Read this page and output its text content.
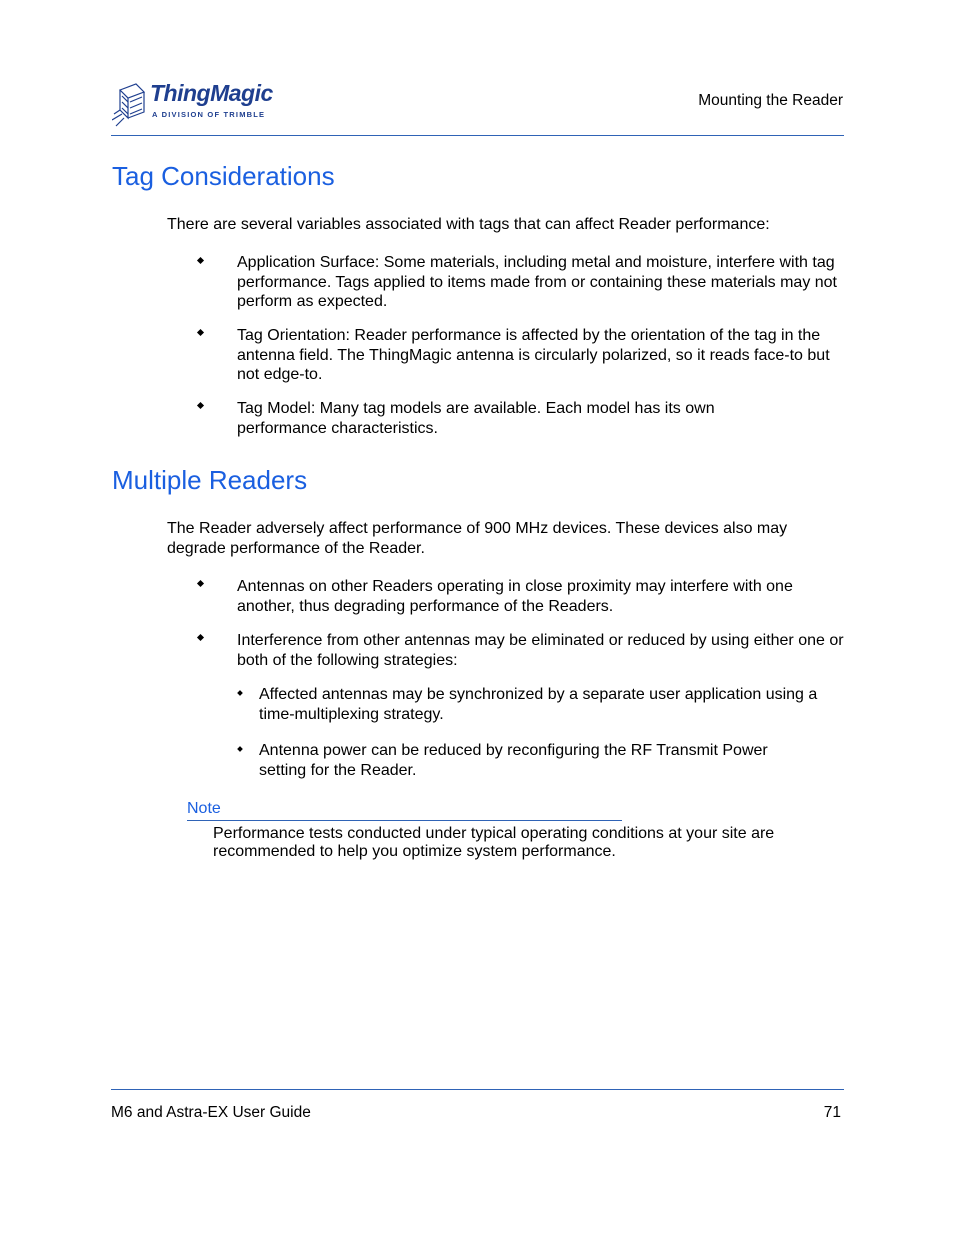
ThingMagic
A DIVISION OF TRIMBLE
Mounting the Reader
Tag Considerations
There are several variables associated with tags that can affect Reader performance:
Application Surface: Some materials, including metal and moisture, interfere with tag performance. Tags applied to items made from or containing these materials may not perform as expected.
Tag Orientation: Reader performance is affected by the orientation of the tag in the antenna field. The ThingMagic antenna is circularly polarized, so it reads face-to but not edge-to.
Tag Model: Many tag models are available. Each model has its own performance characteristics.
Multiple Readers
The Reader adversely affect performance of 900 MHz devices. These devices also may degrade performance of the Reader.
Antennas on other Readers operating in close proximity may interfere with one another, thus degrading performance of the Readers.
Interference from other antennas may be eliminated or reduced by using either one or both of the following strategies:
Affected antennas may be synchronized by a separate user application using a time-multiplexing strategy.
Antenna power can be reduced by reconfiguring the RF Transmit Power setting for the Reader.
Note
Performance tests conducted under typical operating conditions at your site are recommended to help you optimize system performance.
M6 and Astra-EX User Guide	71
